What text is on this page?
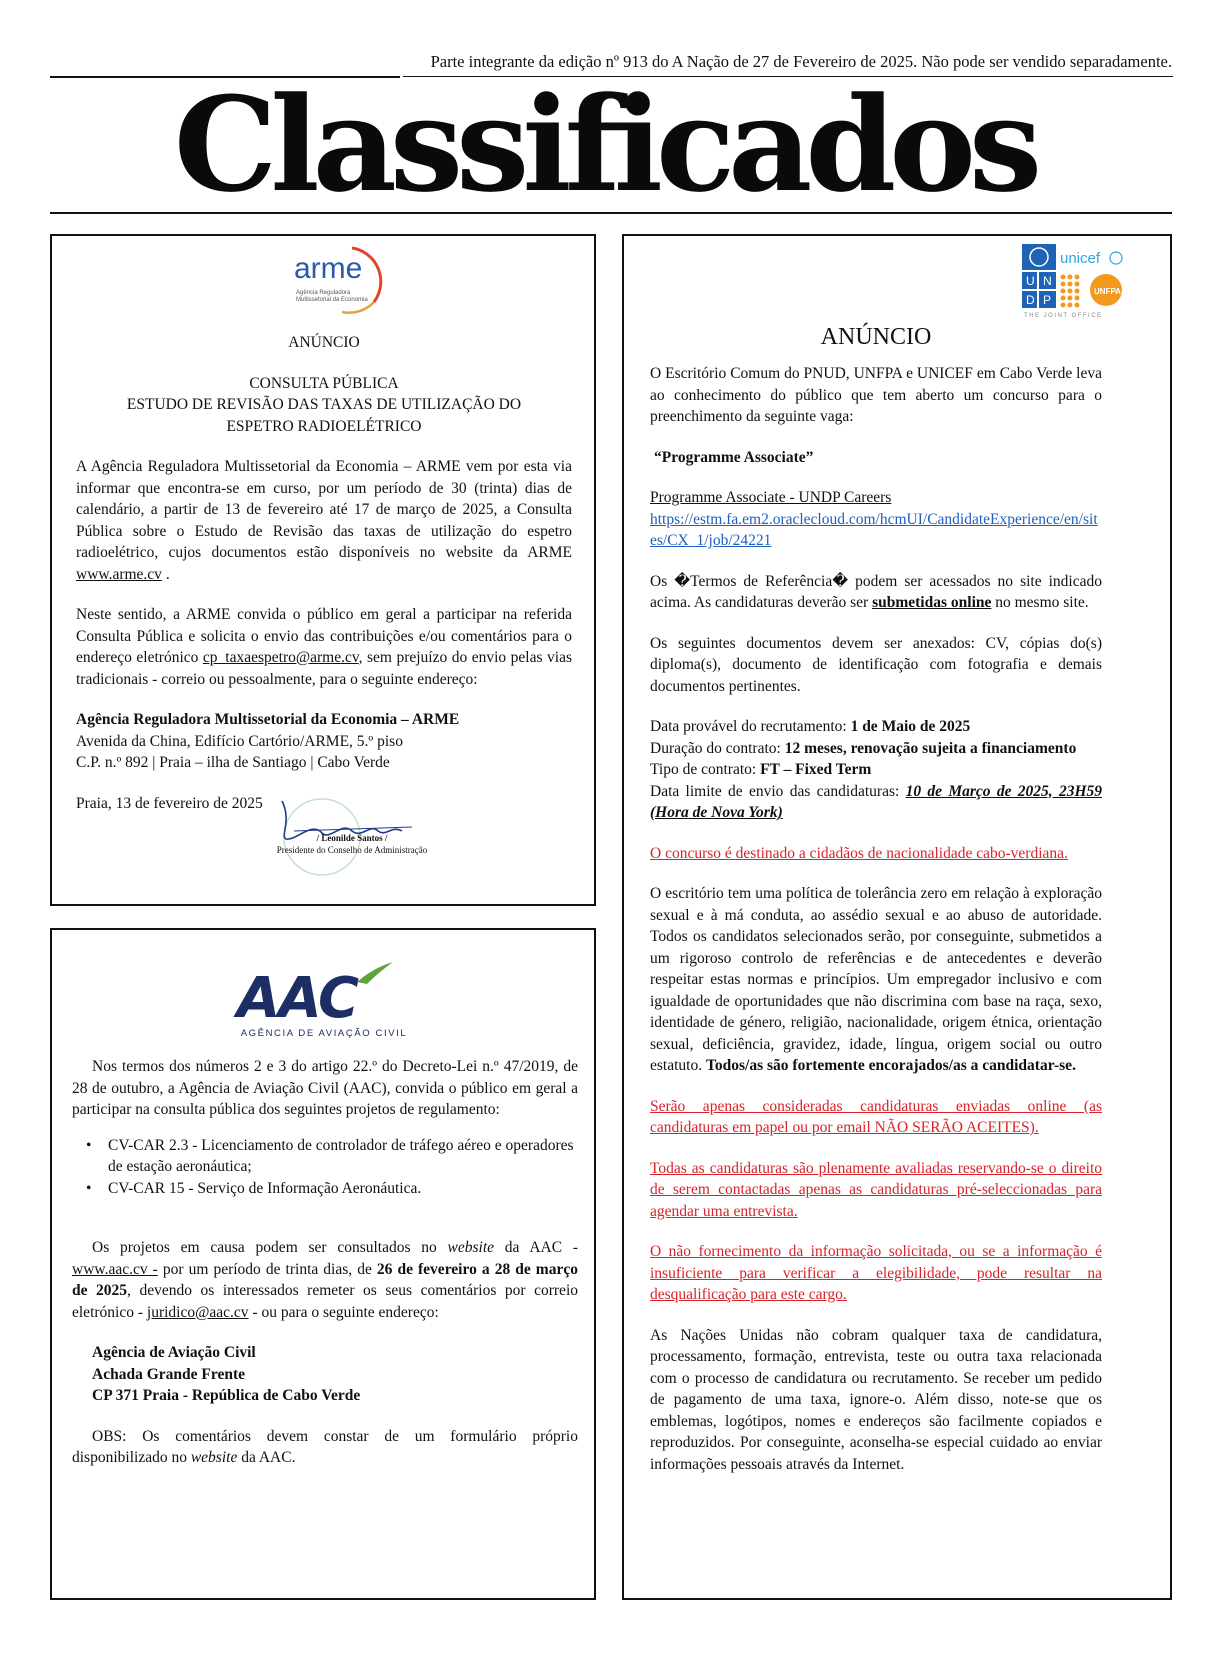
Parte integrante da edição nº 913 do A Nação de 27 de Fevereiro de 2025. Não pode ser vendido separadamente.
Classificados
arme
Agência Reguladora Multissetorial da Economia

ANÚNCIO

CONSULTA PÚBLICA

ESTUDO DE REVISÃO DAS TAXAS DE UTILIZAÇÃO DO

ESPETRO RADIOELÉTRICO

A Agência Reguladora Multissetorial da Economia – ARME vem por esta via informar que encontra-se em curso, por um período de 30 (trinta) dias de calendário, a partir de 13 de fevereiro até 17 de março de 2025, a Consulta Pública sobre o Estudo de Revisão das taxas de utilização do espetro radioelétrico, cujos documentos estão disponíveis no website da ARME www.arme.cv .

Neste sentido, a ARME convida o público em geral a participar na referida Consulta Pública e solicita o envio das contribuições e/ou comentários para o endereço eletrónico cp_taxaespetro@arme.cv, sem prejuízo do envio pelas vias tradicionais - correio ou pessoalmente, para o seguinte endereço:

Agência Reguladora Multissetorial da Economia – ARME

Avenida da China, Edifício Cartório/ARME, 5.º piso

C.P. n.º 892 | Praia – ilha de Santiago | Cabo Verde

Praia, 13 de fevereiro de 2025

/ Leonilde Santos /
Presidente do Conselho de Administração
AAC
AGÊNCIA DE AVIAÇÃO CIVIL

Nos termos dos números 2 e 3 do artigo 22.º do Decreto-Lei n.º 47/2019, de 28 de outubro, a Agência de Aviação Civil (AAC), convida o público em geral a participar na consulta pública dos seguintes projetos de regulamento:

• CV-CAR 2.3 - Licenciamento de controlador de tráfego aéreo e operadores de estação aeronáutica;
• CV-CAR 15 - Serviço de Informação Aeronáutica.

Os projetos em causa podem ser consultados no website da AAC - www.aac.cv - por um período de trinta dias, de 26 de fevereiro a 28 de março de 2025, devendo os interessados remeter os seus comentários por correio eletrónico - juridico@aac.cv - ou para o seguinte endereço:

Agência de Aviação Civil

Achada Grande Frente

CP 371 Praia - República de Cabo Verde

OBS: Os comentários devem constar de um formulário próprio disponibilizado no website da AAC.

U N
D P
UNFPA
unicef
THE JOINT OFFICE

ANÚNCIO

O Escritório Comum do PNUD, UNFPA e UNICEF em Cabo Verde leva ao conhecimento do público que tem aberto um concurso para o preenchimento da seguinte vaga:

“Programme Associate”

Programme Associate - UNDP Careers

https://estm.fa.em2.oraclecloud.com/hcmUI/CandidateExperience/en/sites/CX_1/job/24221

Os �Termos de Referência� podem ser acessados no site indicado acima. As candidaturas deverão ser submetidas online no mesmo site.

Os seguintes documentos devem ser anexados: CV, cópias do(s) diploma(s), documento de identificação com fotografia e demais documentos pertinentes.

Data provável do recrutamento: 1 de Maio de 2025

Duração do contrato: 12 meses, renovação sujeita a financiamento

Tipo de contrato: FT – Fixed Term

Data limite de envio das candidaturas: 10 de Março de 2025, 23H59 (Hora de Nova York)

O concurso é destinado a cidadãos de nacionalidade cabo-verdiana.

O escritório tem uma política de tolerância zero em relação à exploração sexual e à má conduta, ao assédio sexual e ao abuso de autoridade. Todos os candidatos selecionados serão, por conseguinte, submetidos a um rigoroso controlo de referências e de antecedentes e deverão respeitar estas normas e princípios. Um empregador inclusivo e com igualdade de oportunidades que não discrimina com base na raça, sexo, identidade de género, religião, nacionalidade, origem étnica, orientação sexual, deficiência, gravidez, idade, língua, origem social ou outro estatuto. Todos/as são fortemente encorajados/as a candidatar-se.

Serão apenas consideradas candidaturas enviadas online (as candidaturas em papel ou por email NÃO SERÃO ACEITES).

Todas as candidaturas são plenamente avaliadas reservando-se o direito de serem contactadas apenas as candidaturas pré-seleccionadas para agendar uma entrevista.

O não fornecimento da informação solicitada, ou se a informação é insuficiente para verificar a elegibilidade, pode resultar na desqualificação para este cargo.

As Nações Unidas não cobram qualquer taxa de candidatura, processamento, formação, entrevista, teste ou outra taxa relacionada com o processo de candidatura ou recrutamento. Se receber um pedido de pagamento de uma taxa, ignore-o. Além disso, note-se que os emblemas, logótipos, nomes e endereços são facilmente copiados e reproduzidos. Por conseguinte, aconselha-se especial cuidado ao enviar informações pessoais através da Internet.
